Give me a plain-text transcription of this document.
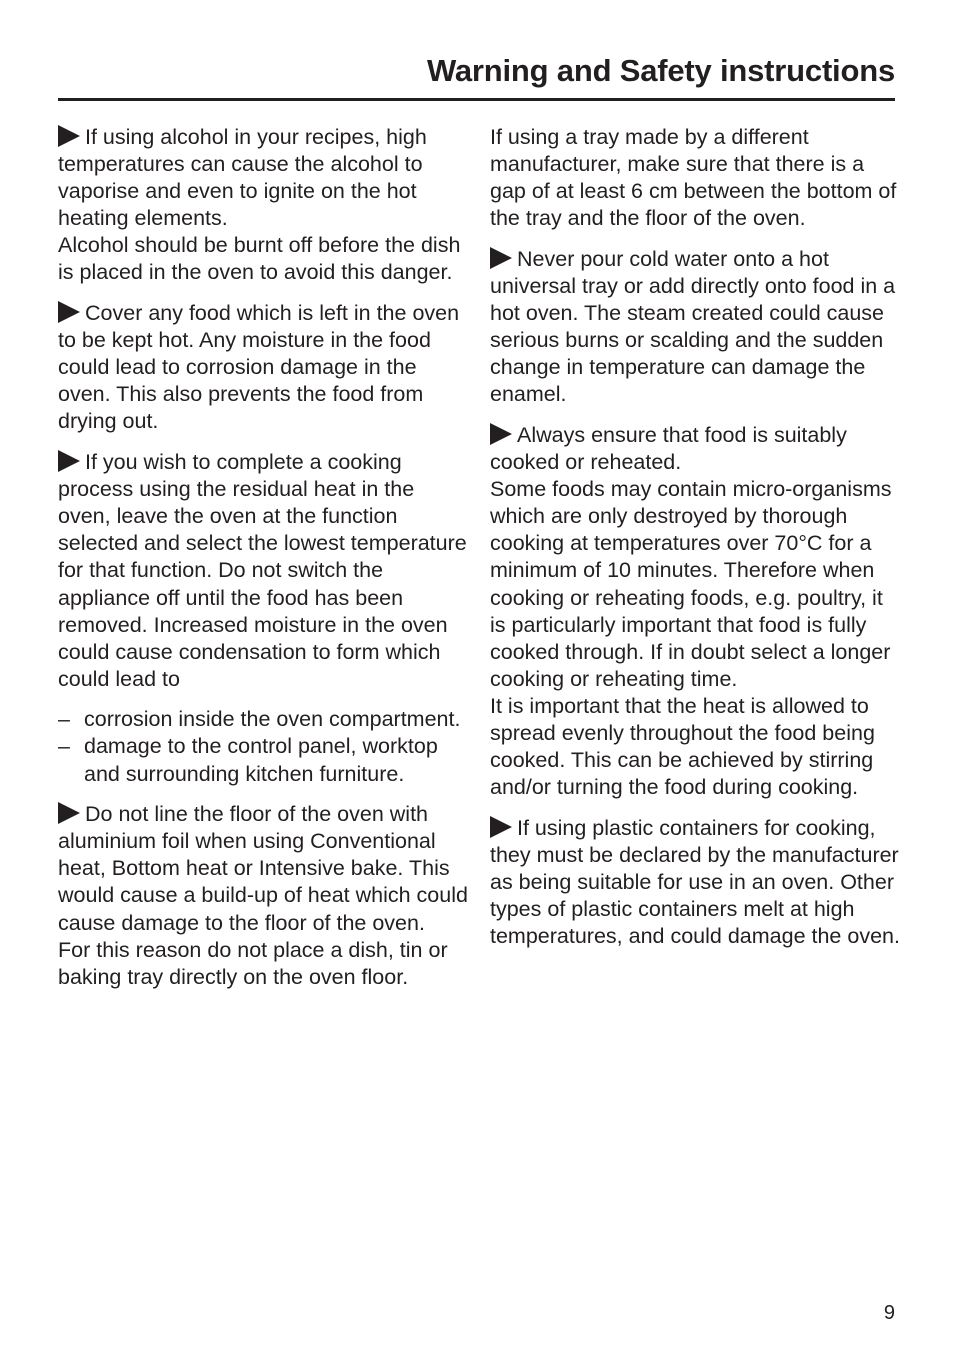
Warning and Safety instructions

If using alcohol in your recipes, high temperatures can cause the alcohol to vaporise and even to ignite on the hot heating elements.

Alcohol should be burnt off before the dish is placed in the oven to avoid this danger.

Cover any food which is left in the oven to be kept hot. Any moisture in the food could lead to corrosion damage in the oven. This also prevents the food from drying out.

If you wish to complete a cooking process using the residual heat in the oven, leave the oven at the function selected and select the lowest temperature for that function. Do not switch the appliance off until the food has been removed. Increased moisture in the oven could cause condensation to form which could lead to

– corrosion inside the oven compartment.
– damage to the control panel, worktop and surrounding kitchen furniture.

Do not line the floor of the oven with aluminium foil when using Conventional heat, Bottom heat or Intensive bake. This would cause a build-up of heat which could cause damage to the floor of the oven.

For this reason do not place a dish, tin or baking tray directly on the oven floor.

If using a tray made by a different manufacturer, make sure that there is a gap of at least 6 cm between the bottom of the tray and the floor of the oven.

Never pour cold water onto a hot universal tray or add directly onto food in a hot oven. The steam created could cause serious burns or scalding and the sudden change in temperature can damage the enamel.

Always ensure that food is suitably cooked or reheated.

Some foods may contain micro-organisms which are only destroyed by thorough cooking at temperatures over 70°C for a minimum of 10 minutes. Therefore when cooking or reheating foods, e.g. poultry, it is particularly important that food is fully cooked through. If in doubt select a longer cooking or reheating time.

It is important that the heat is allowed to spread evenly throughout the food being cooked. This can be achieved by stirring and/or turning the food during cooking.

If using plastic containers for cooking, they must be declared by the manufacturer as being suitable for use in an oven. Other types of plastic containers melt at high temperatures, and could damage the oven.

9
